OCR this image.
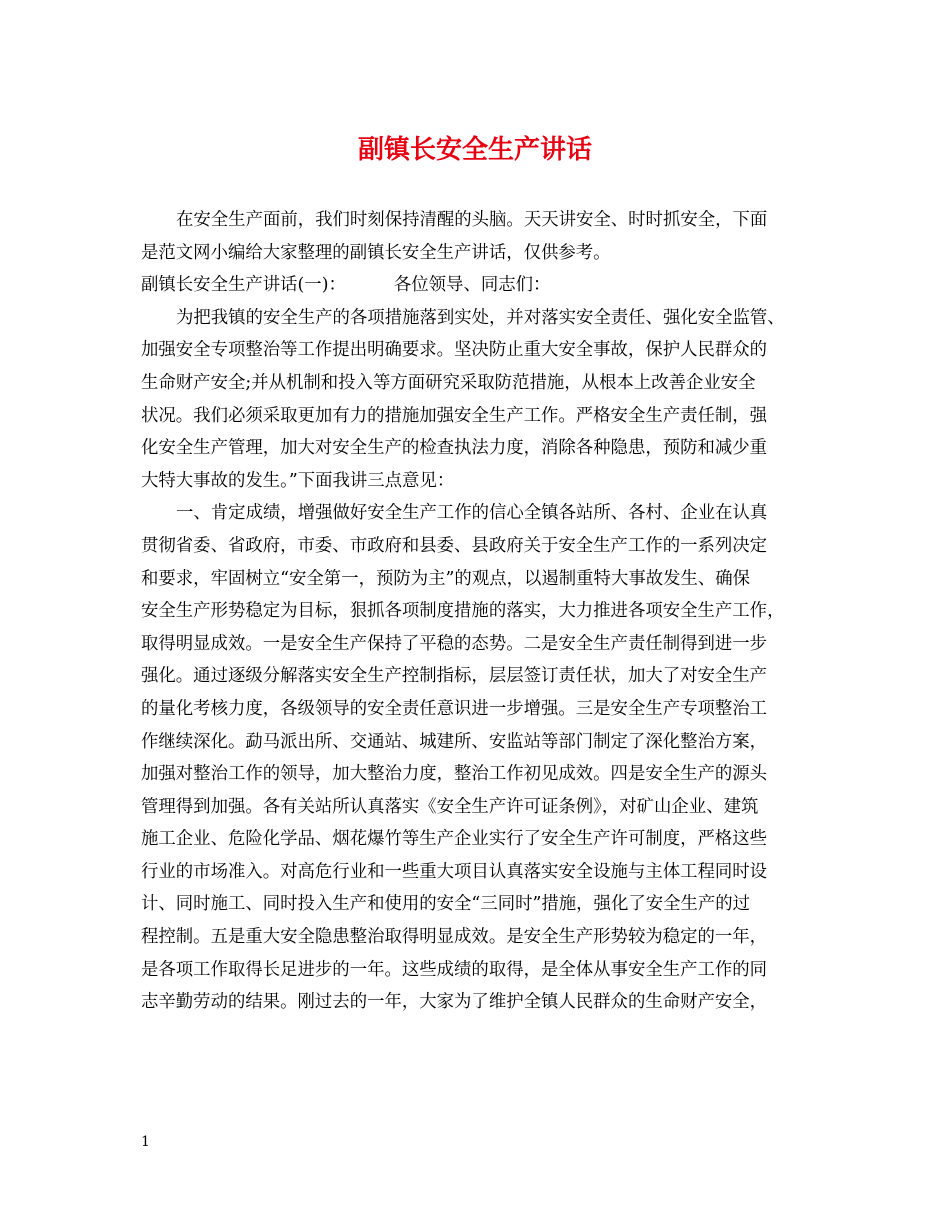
副镇长安全生产讲话
在安全生产面前，我们时刻保持清醒的头脑。天天讲安全、时时抓安全，下面
是范文网小编给大家整理的副镇长安全生产讲话，仅供参考。
副镇长安全生产讲话(一)：	各位领导、同志们：
为把我镇的安全生产的各项措施落到实处，并对落实安全责任、强化安全监管、
加强安全专项整治等工作提出明确要求。坚决防止重大安全事故，保护人民群众的
生命财产安全;并从机制和投入等方面研究采取防范措施，从根本上改善企业安全
状况。我们必须采取更加有力的措施加强安全生产工作。严格安全生产责任制，强
化安全生产管理，加大对安全生产的检查执法力度，消除各种隐患，预防和减少重
大特大事故的发生。”下面我讲三点意见：
一、肯定成绩，增强做好安全生产工作的信心全镇各站所、各村、企业在认真
贯彻省委、省政府，市委、市政府和县委、县政府关于安全生产工作的一系列决定
和要求，牢固树立“安全第一，预防为主”的观点，以遏制重特大事故发生、确保
安全生产形势稳定为目标，狠抓各项制度措施的落实，大力推进各项安全生产工作，
取得明显成效。一是安全生产保持了平稳的态势。二是安全生产责任制得到进一步
强化。通过逐级分解落实安全生产控制指标，层层签订责任状，加大了对安全生产
的量化考核力度，各级领导的安全责任意识进一步增强。三是安全生产专项整治工
作继续深化。勐马派出所、交通站、城建所、安监站等部门制定了深化整治方案，
加强对整治工作的领导，加大整治力度，整治工作初见成效。四是安全生产的源头
管理得到加强。各有关站所认真落实《安全生产许可证条例》，对矿山企业、建筑
施工企业、危险化学品、烟花爆竹等生产企业实行了安全生产许可制度，严格这些
行业的市场准入。对高危行业和一些重大项目认真落实安全设施与主体工程同时设
计、同时施工、同时投入生产和使用的安全“三同时”措施，强化了安全生产的过
程控制。五是重大安全隐患整治取得明显成效。是安全生产形势较为稳定的一年，
是各项工作取得长足进步的一年。这些成绩的取得，是全体从事安全生产工作的同
志辛勤劳动的结果。刚过去的一年，大家为了维护全镇人民群众的生命财产安全，
1
